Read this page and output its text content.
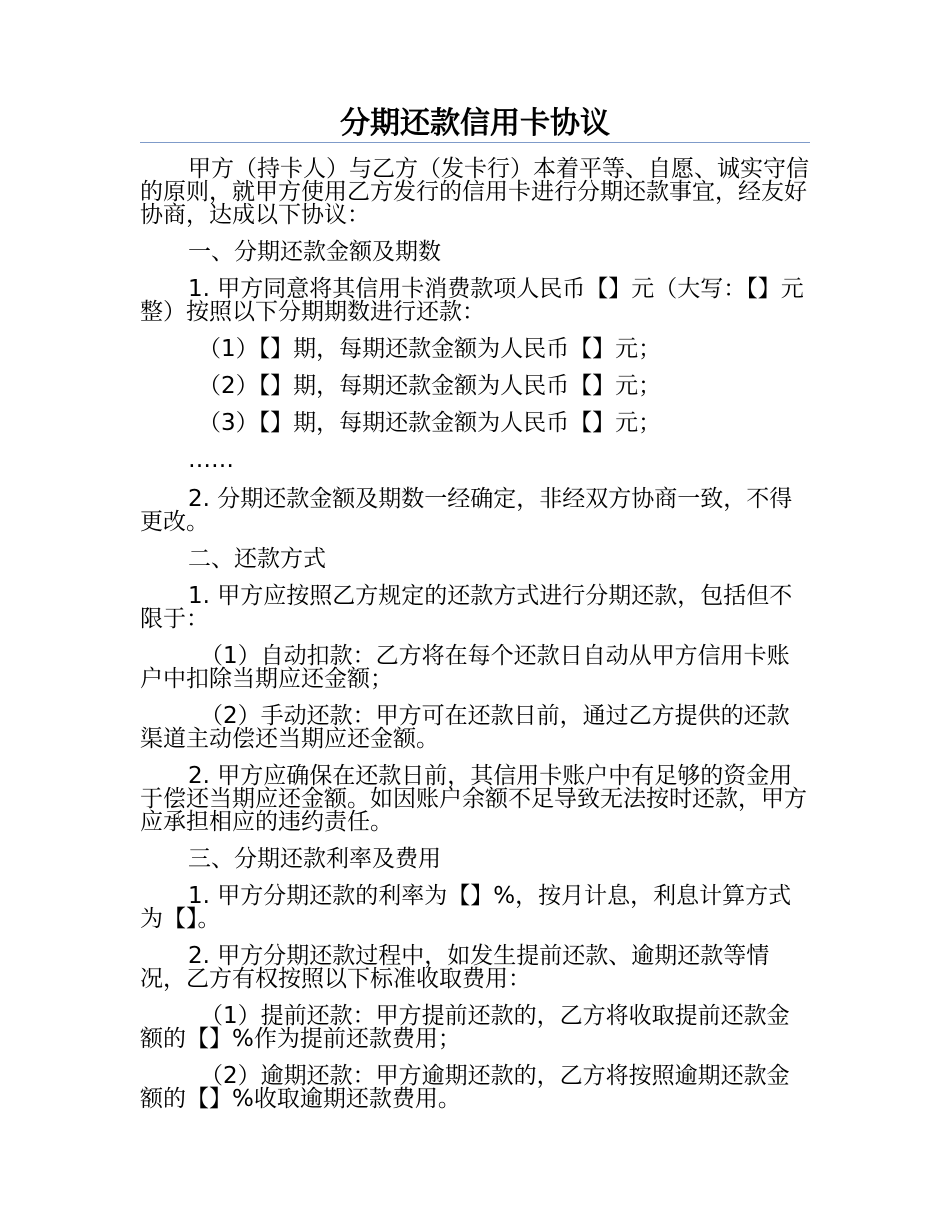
分期还款信用卡协议

甲方（持卡人）与乙方（发卡行）本着平等、自愿、诚实守信的原则，就甲方使用乙方发行的信用卡进行分期还款事宜，经友好协商，达成以下协议：

一、分期还款金额及期数

1. 甲方同意将其信用卡消费款项人民币【】元（大写：【】元整）按照以下分期期数进行还款：

（1）【】期，每期还款金额为人民币【】元；

（2）【】期，每期还款金额为人民币【】元；

（3）【】期，每期还款金额为人民币【】元；

……

2. 分期还款金额及期数一经确定，非经双方协商一致，不得更改。

二、还款方式

1. 甲方应按照乙方规定的还款方式进行分期还款，包括但不限于：

（1）自动扣款：乙方将在每个还款日自动从甲方信用卡账户中扣除当期应还金额；

（2）手动还款：甲方可在还款日前，通过乙方提供的还款渠道主动偿还当期应还金额。

2. 甲方应确保在还款日前，其信用卡账户中有足够的资金用于偿还当期应还金额。如因账户余额不足导致无法按时还款，甲方应承担相应的违约责任。

三、分期还款利率及费用

1. 甲方分期还款的利率为【】%，按月计息，利息计算方式为【】。

2. 甲方分期还款过程中，如发生提前还款、逾期还款等情况，乙方有权按照以下标准收取费用：

（1）提前还款：甲方提前还款的，乙方将收取提前还款金额的【】%作为提前还款费用；

（2）逾期还款：甲方逾期还款的，乙方将按照逾期还款金额的【】%收取逾期还款费用。
